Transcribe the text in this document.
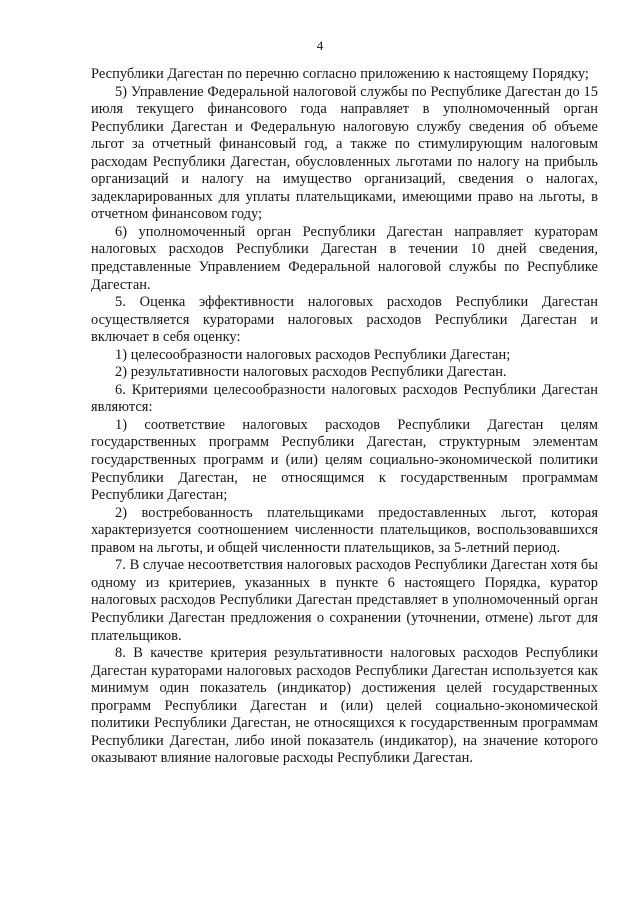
4

Республики Дагестан по перечню согласно приложению к настоящему Порядку;

5) Управление Федеральной налоговой службы по Республике Дагестан до 15 июля текущего финансового года направляет в уполномоченный орган Республики Дагестан и Федеральную налоговую службу сведения об объеме льгот за отчетный финансовый год, а также по стимулирующим налоговым расходам Республики Дагестан, обусловленных льготами по налогу на прибыль организаций и налогу на имущество организаций, сведения о налогах, задекларированных для уплаты плательщиками, имеющими право на льготы, в отчетном финансовом году;

6) уполномоченный орган Республики Дагестан направляет кураторам налоговых расходов Республики Дагестан в течении 10 дней сведения, представленные Управлением Федеральной налоговой службы по Республике Дагестан.

5. Оценка эффективности налоговых расходов Республики Дагестан осуществляется кураторами налоговых расходов Республики Дагестан и включает в себя оценку:

1) целесообразности налоговых расходов Республики Дагестан;

2) результативности налоговых расходов Республики Дагестан.

6. Критериями целесообразности налоговых расходов Республики Дагестан являются:

1) соответствие налоговых расходов Республики Дагестан целям государственных программ Республики Дагестан, структурным элементам государственных программ и (или) целям социально-экономической политики Республики Дагестан, не относящимся к государственным программам Республики Дагестан;

2) востребованность плательщиками предоставленных льгот, которая характеризуется соотношением численности плательщиков, воспользовавшихся правом на льготы, и общей численности плательщиков, за 5-летний период.

7. В случае несоответствия налоговых расходов Республики Дагестан хотя бы одному из критериев, указанных в пункте 6 настоящего Порядка, куратор налоговых расходов Республики Дагестан представляет в уполномоченный орган Республики Дагестан предложения о сохранении (уточнении, отмене) льгот для плательщиков.

8. В качестве критерия результативности налоговых расходов Республики Дагестан кураторами налоговых расходов Республики Дагестан используется как минимум один показатель (индикатор) достижения целей государственных программ Республики Дагестан и (или) целей социально-экономической политики Республики Дагестан, не относящихся к государственным программам Республики Дагестан, либо иной показатель (индикатор), на значение которого оказывают влияние налоговые расходы Республики Дагестан.
